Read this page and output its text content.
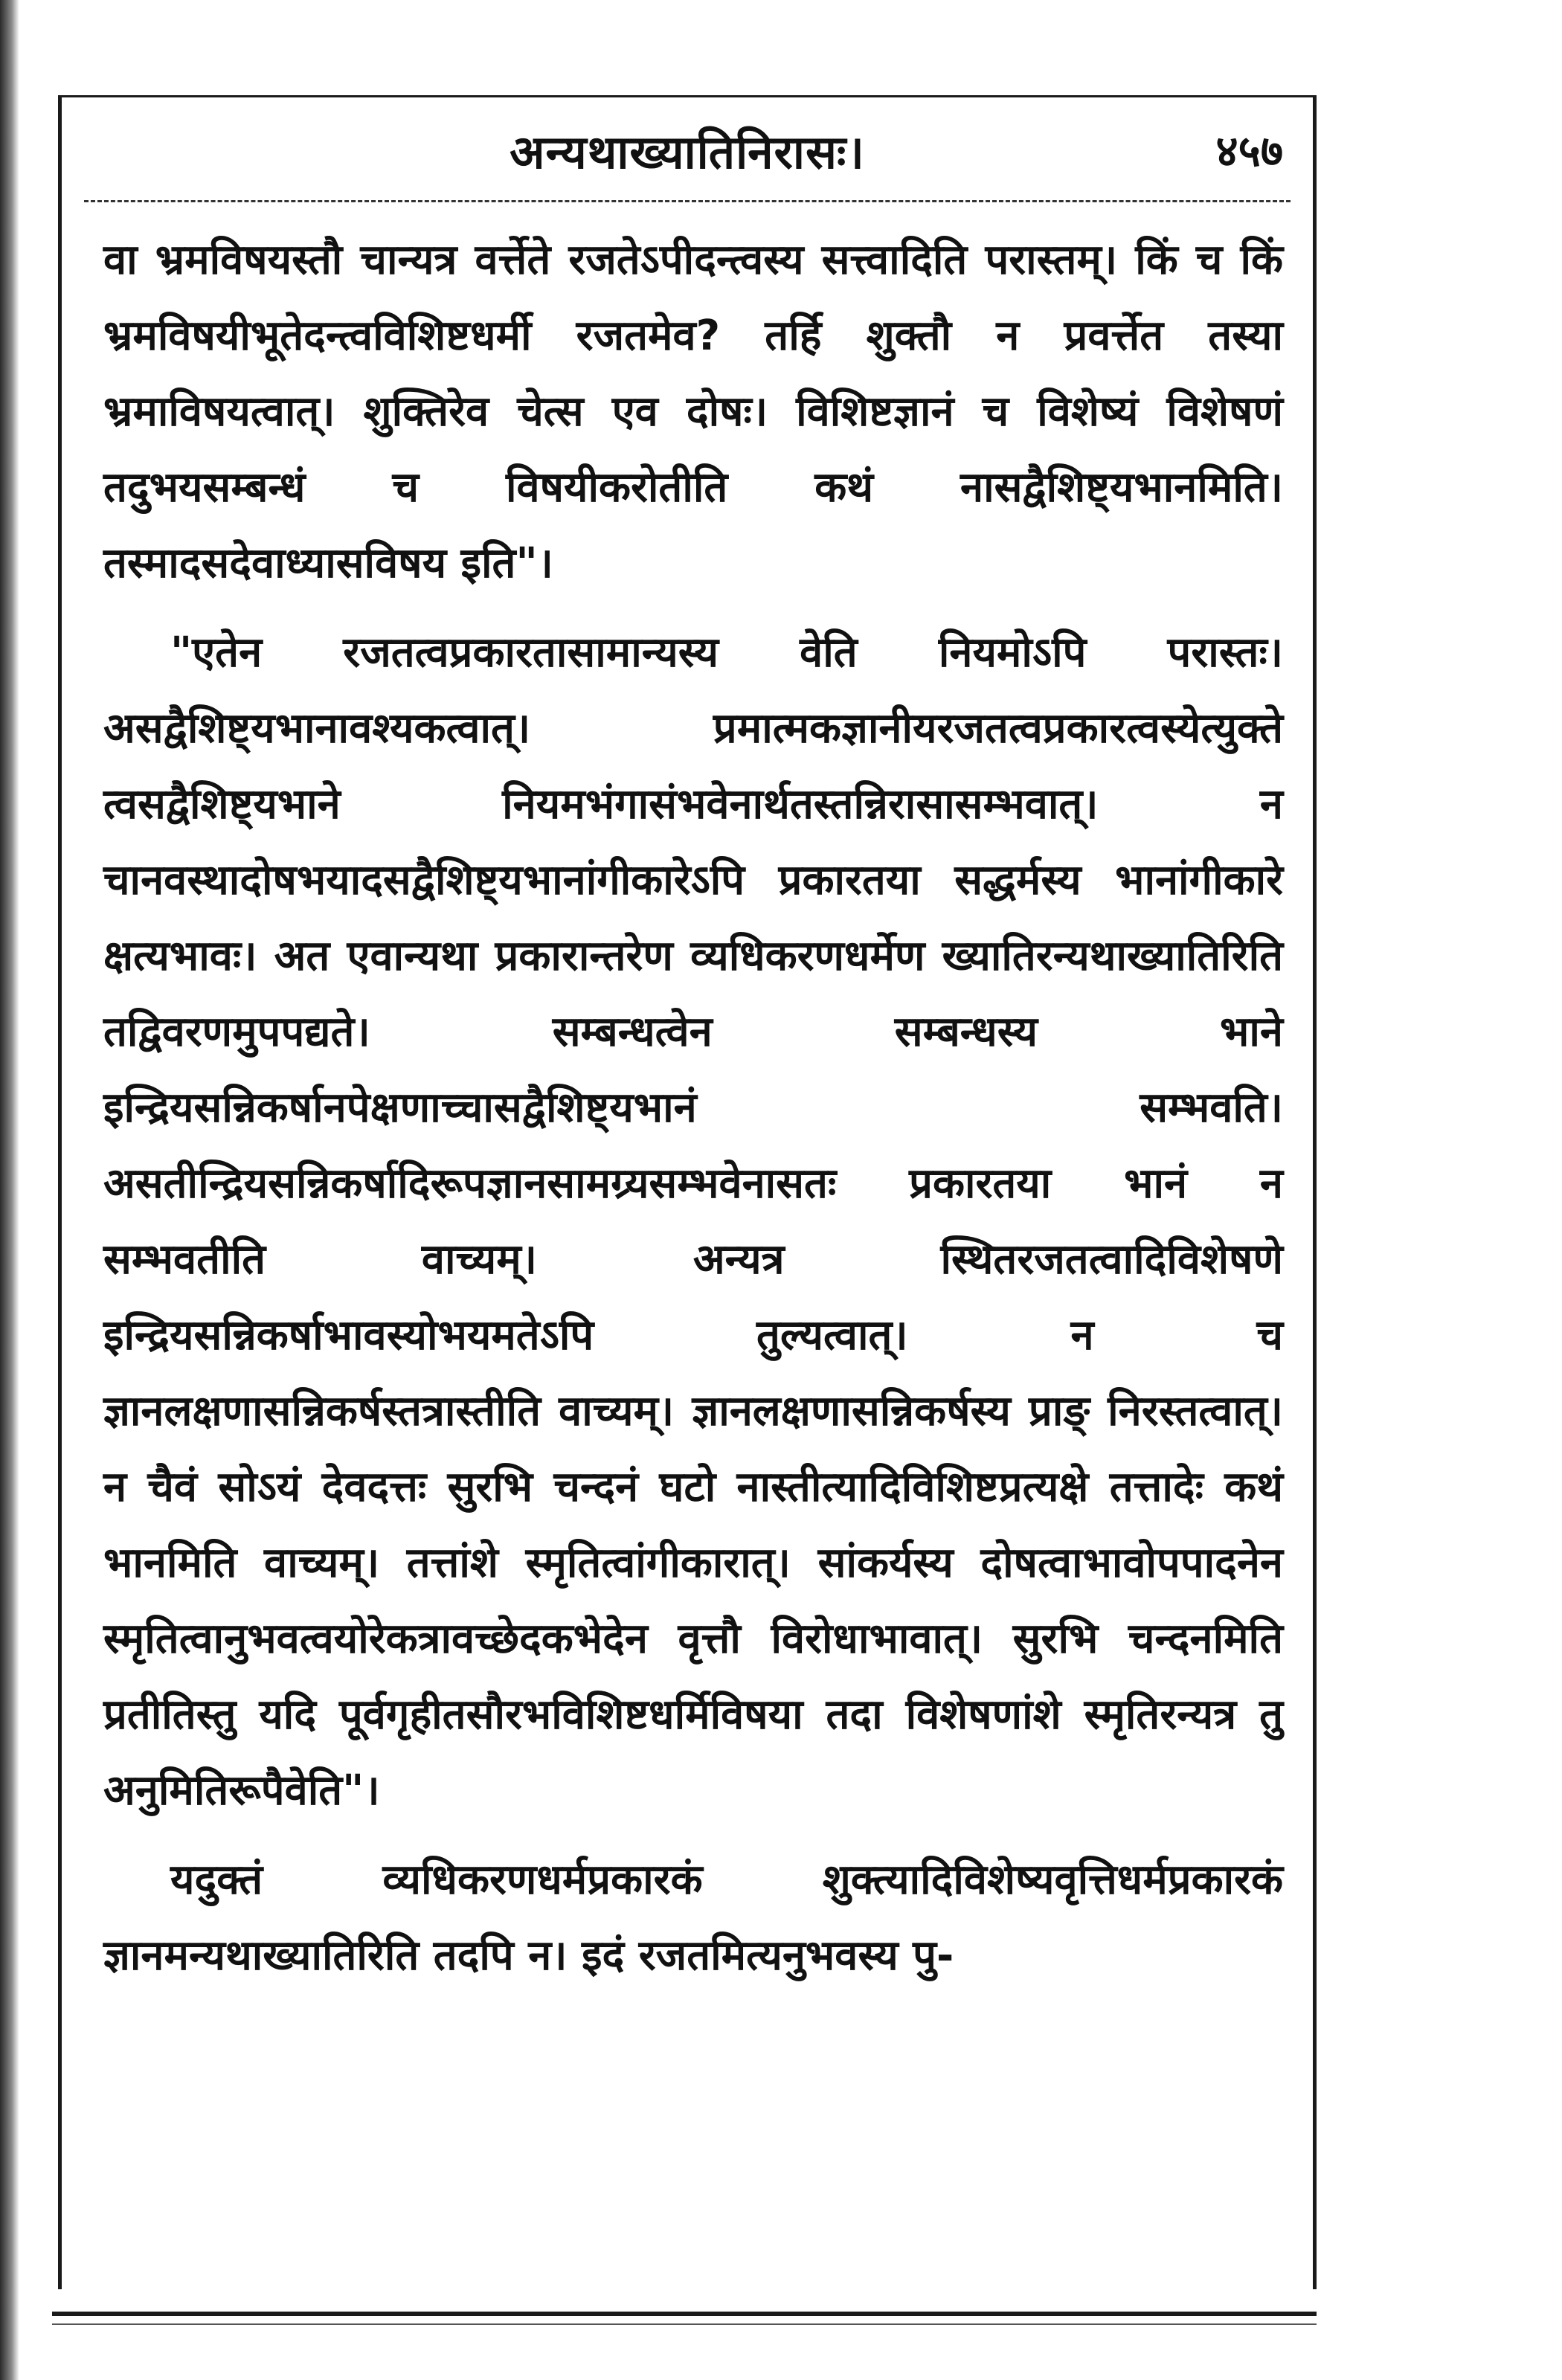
अन्यथाख्यातिनिरासः।	४५७

वा भ्रमविषयस्तौ चान्यत्र वर्त्तेते रजतेऽपीदन्त्वस्य सत्त्वादिति परास्तम्। किं च किं भ्रमविषयीभूतेदन्त्वविशिष्टधर्मी रजतमेव? तर्हि शुक्तौ न प्रवर्त्तेत तस्या भ्रमाविषयत्वात्। शुक्तिरेव चेत्स एव दोषः। विशिष्टज्ञानं च विशेष्यं विशेषणं तदुभयसम्बन्धं च विषयीकरोतीति कथं नासद्वैशिष्ट्यभानमिति। तस्मादसदेवाध्यासविषय इति"।

"एतेन रजतत्वप्रकारतासामान्यस्य वेति नियमोऽपि परास्तः। असद्वैशिष्ट्यभानावश्यकत्वात्। प्रमात्मकज्ञानीयरजतत्वप्रकारत्वस्येत्युक्ते त्वसद्वैशिष्ट्यभाने नियमभंगासंभवेनार्थतस्तन्निरासासम्भवात्। न चानवस्थादोषभयादसद्वैशिष्ट्यभानांगीकारेऽपि प्रकारतया सद्धर्मस्य भानांगीकारे क्षत्यभावः। अत एवान्यथा प्रकारान्तरेण व्यधिकरणधर्मेण ख्यातिरन्यथाख्यातिरिति तद्विवरणमुपपद्यते। सम्बन्धत्वेन सम्बन्धस्य भाने इन्द्रियसन्निकर्षानपेक्षणाच्चासद्वैशिष्ट्यभानं सम्भवति। असतीन्द्रियसन्निकर्षादिरूपज्ञानसामग्र्यसम्भवेनासतः प्रकारतया भानं न सम्भवतीति वाच्यम्। अन्यत्र स्थितरजतत्वादिविशेषणे इन्द्रियसन्निकर्षाभावस्योभयमतेऽपि तुल्यत्वात्। न च ज्ञानलक्षणासन्निकर्षस्तत्रास्तीति वाच्यम्। ज्ञानलक्षणासन्निकर्षस्य प्राङ् निरस्तत्वात्। न चैवं सोऽयं देवदत्तः सुरभि चन्दनं घटो नास्तीत्यादिविशिष्टप्रत्यक्षे तत्तादेः कथं भानमिति वाच्यम्। तत्तांशे स्मृतित्वांगीकारात्। सांकर्यस्य दोषत्वाभावोपपादनेन स्मृतित्वानुभवत्वयोरेकत्रावच्छेदकभेदेन वृत्तौ विरोधाभावात्। सुरभि चन्दनमिति प्रतीतिस्तु यदि पूर्वगृहीतसौरभविशिष्टधर्मिविषया तदा विशेषणांशे स्मृतिरन्यत्र तु अनुमितिरूपैवेति"।

यदुक्तं व्यधिकरणधर्मप्रकारकं शुक्त्यादिविशेष्यवृत्तिधर्मप्रकारकं ज्ञानमन्यथाख्यातिरिति तदपि न। इदं रजतमित्यनुभवस्य पु-
